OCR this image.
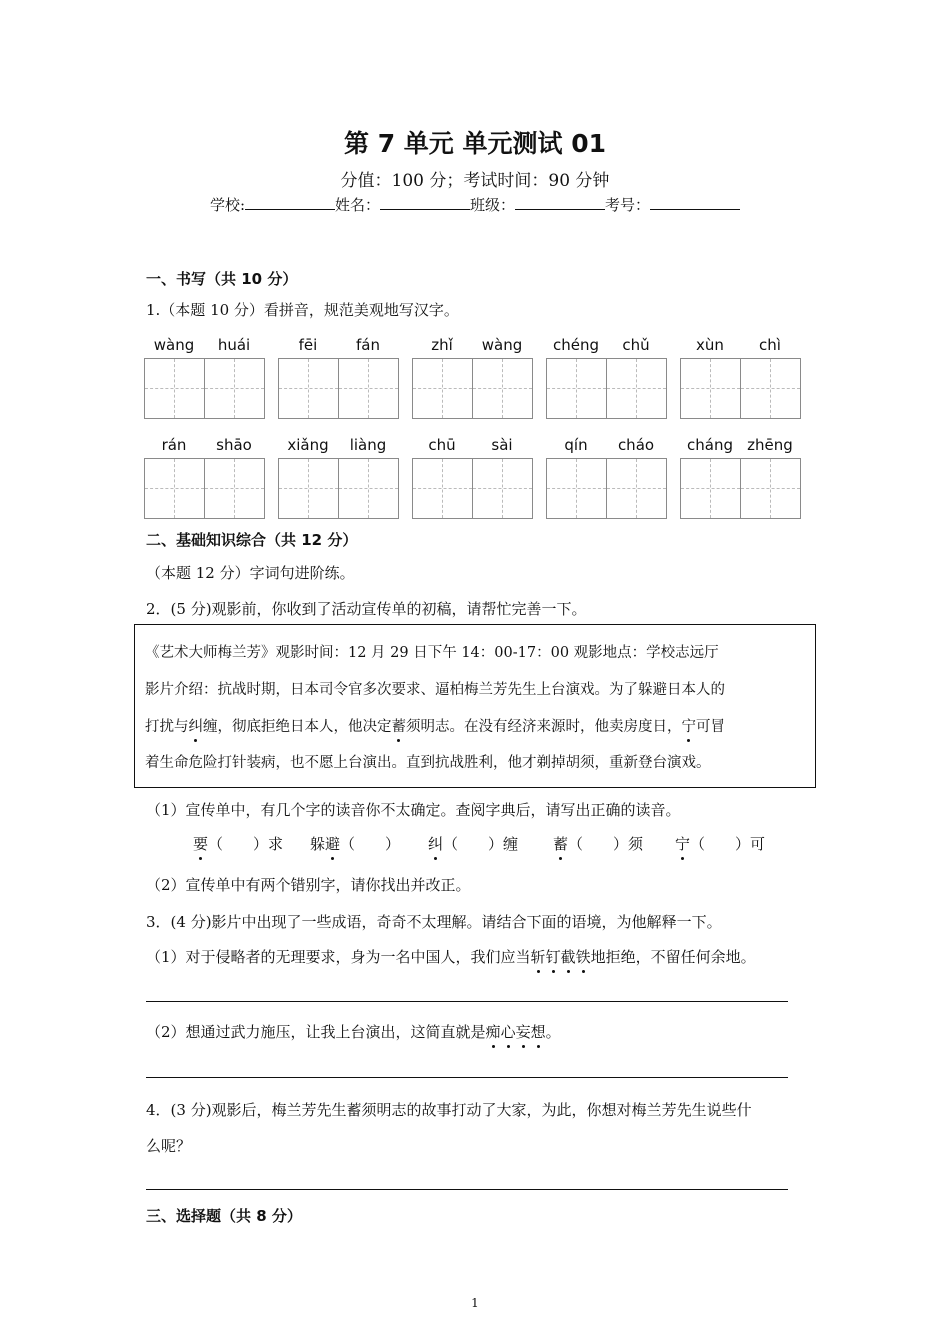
第 7 单元 单元测试 01
分值：100 分；考试时间：90 分钟
学校:	姓名：	班级：	考号：
一、书写（共 10 分）
1.（本题 10 分）看拼音，规范美观地写汉字。
wàng	huái	fēi	fán	zhǐ	wàng	chéng	chǔ	xùn	chì
rán	shāo	xiǎng	liàng	chū	sài	qín	cháo	cháng zhēng
二、基础知识综合（共 12 分）
（本题 12 分）字词句进阶练。
2．(5 分)观影前，你收到了活动宣传单的初稿，请帮忙完善一下。
《艺术大师梅兰芳》观影时间：12 月 29 日下午 14：00-17：00 观影地点：学校志远厅
影片介绍：抗战时期，日本司令官多次要求、逼柏梅兰芳先生上台演戏。为了躲避日本人的
打扰与纠缠，彻底拒绝日本人，他决定蓄须明志。在没有经济来源时，他卖房度日，宁可冒
着生命危险打针装病，也不愿上台演出。直到抗战胜利，他才剃掉胡须，重新登台演戏。
（1）宣传单中，有几个字的读音你不太确定。查阅字典后，请写出正确的读音。
要（　　）求 躲避（　　） 纠（　　）缠 蓄（　　）须 宁（　　）可
（2）宣传单中有两个错别字，请你找出并改正。
3．(4 分)影片中出现了一些成语，奇奇不太理解。请结合下面的语境，为他解释一下。
（1）对于侵略者的无理要求，身为一名中国人，我们应当斩钉截铁地拒绝，不留任何余地。
（2）想通过武力施压，让我上台演出，这简直就是痴心妄想。
4．(3 分)观影后，梅兰芳先生蓄须明志的故事打动了大家，为此，你想对梅兰芳先生说些什
么呢？
三、选择题（共 8 分）
1
